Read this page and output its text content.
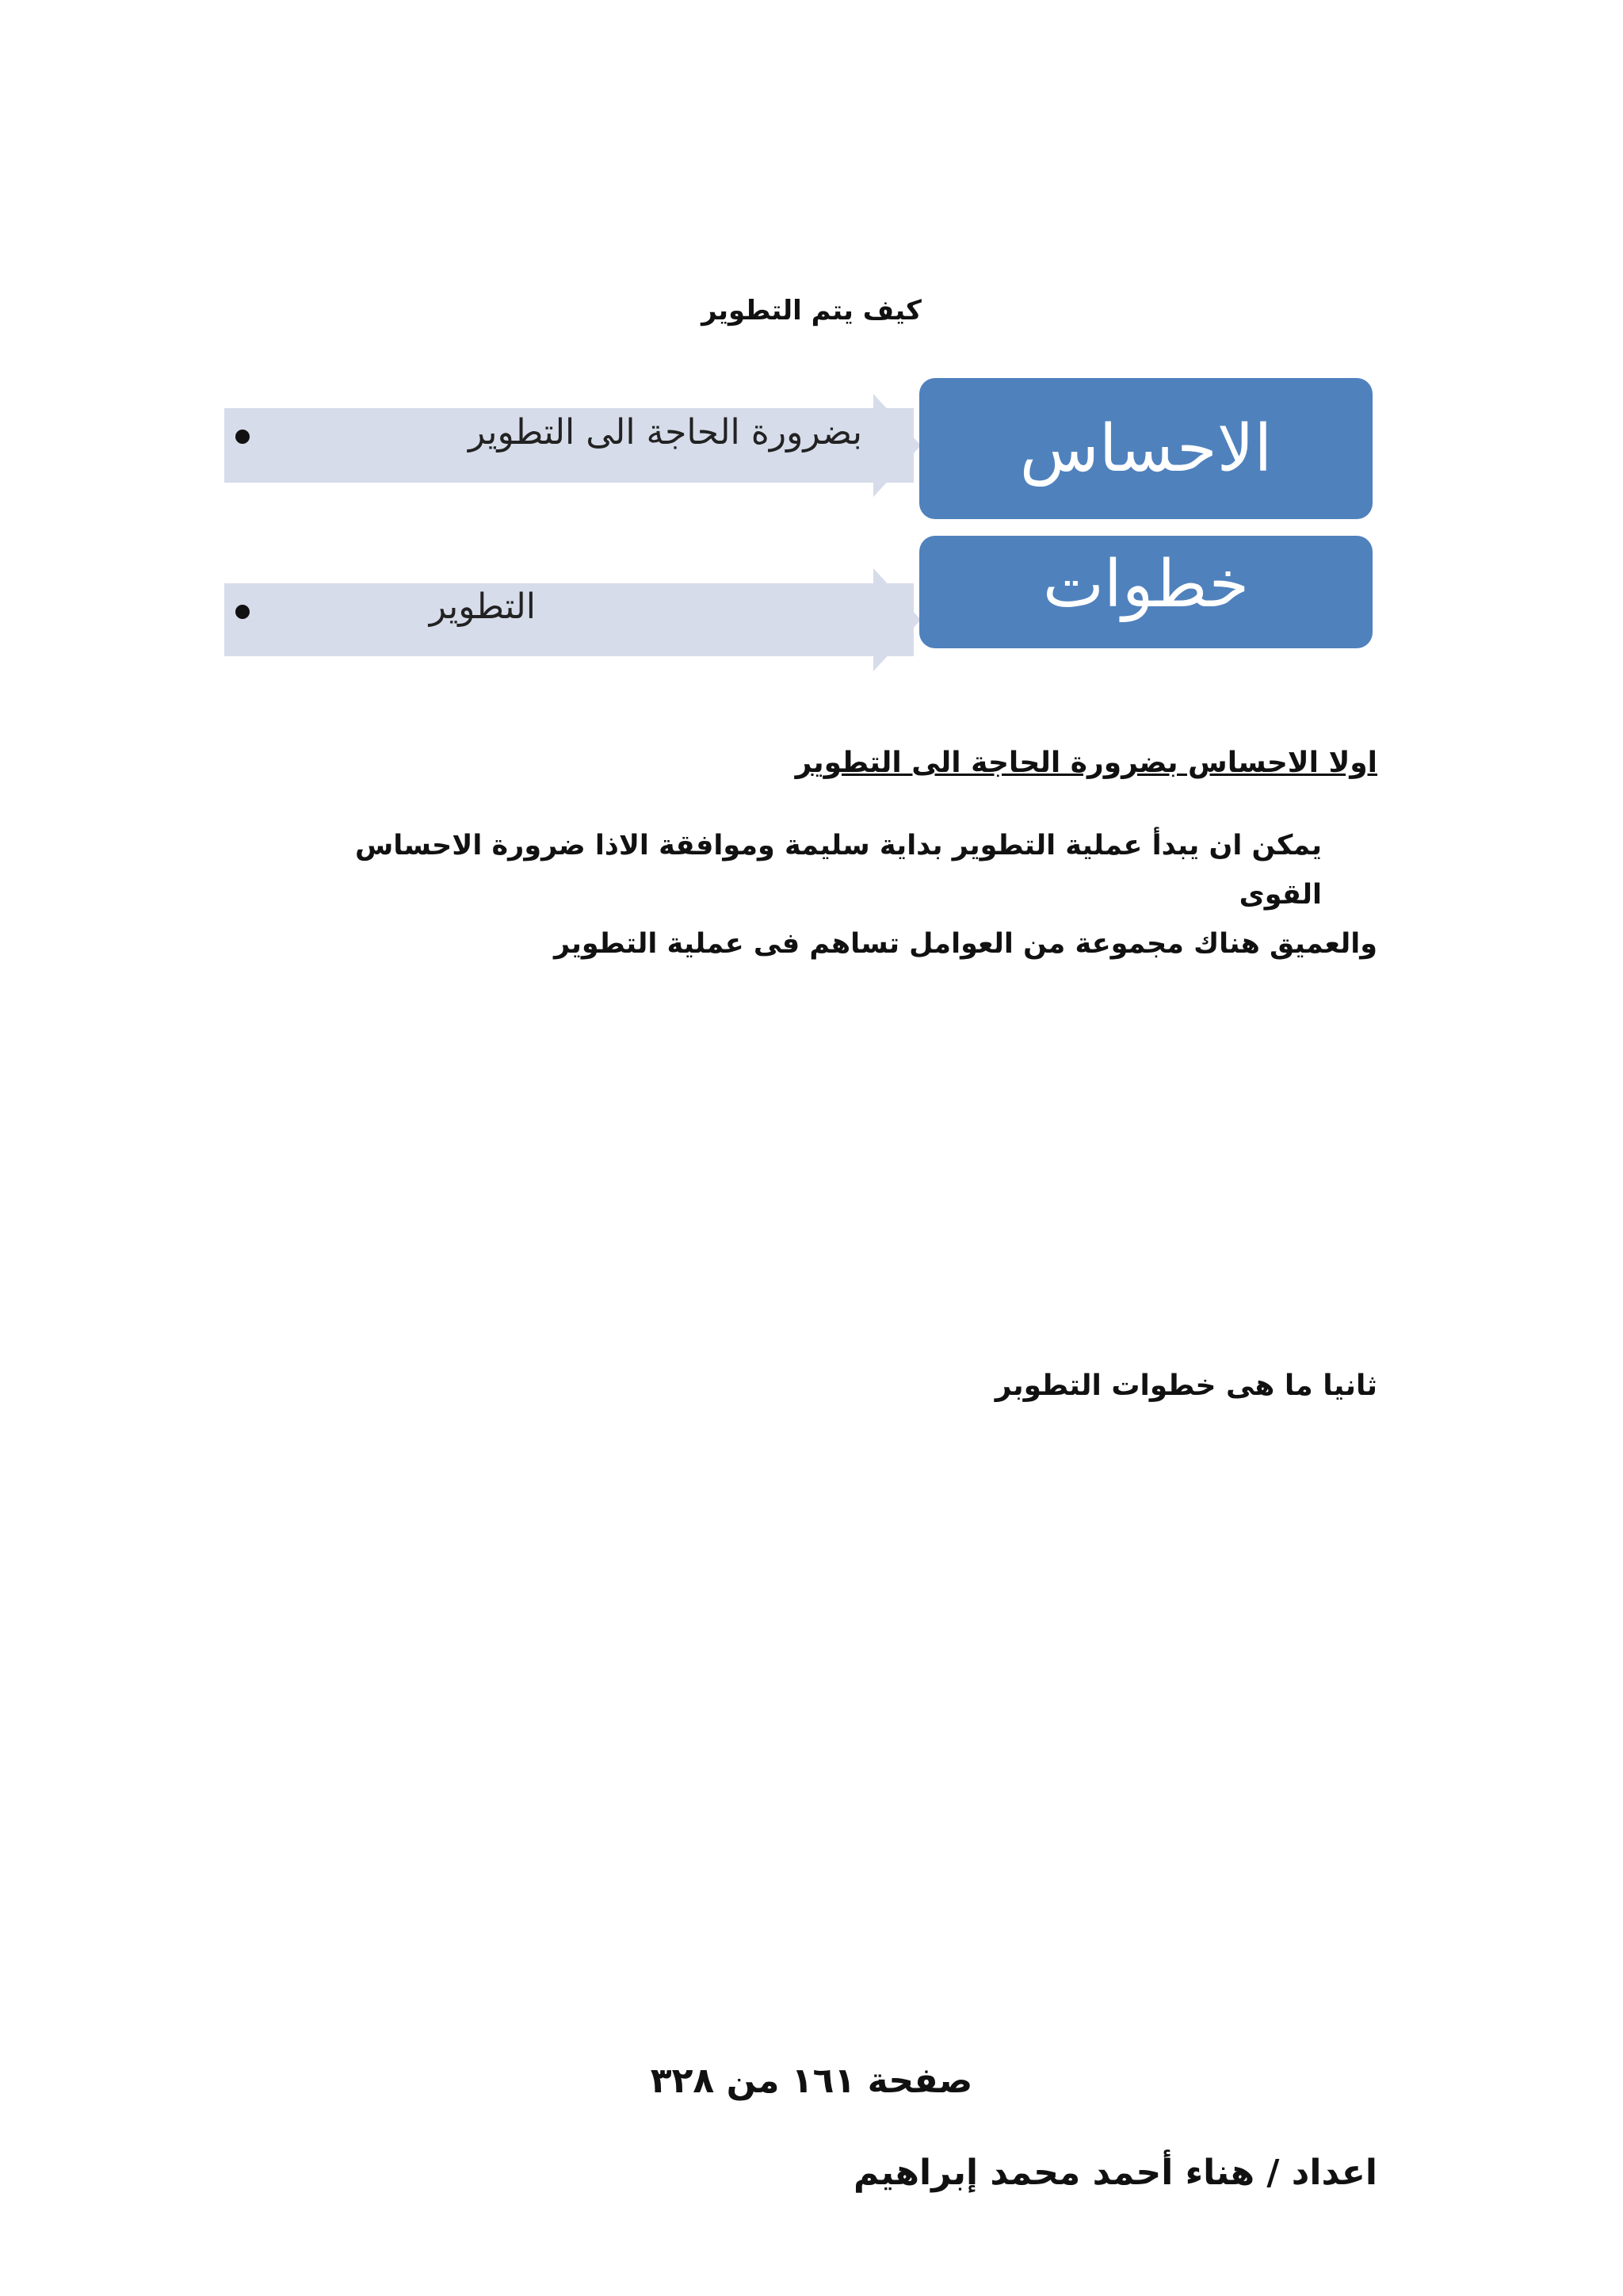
كيف يتم التطوير
بضرورة الحاجة الى التطوير	الاحساس
التطوير	خطوات
اولا الاحساس بضرورة الحاجة الى التطوير
يمكن ان يبدأ عملية التطوير بداية سليمة وموافقة الاذا ضرورة الاحساس القوى
والعميق هناك مجموعة من العوامل تساهم فى عملية التطوير
ثانيا ما هى خطوات التطوبر
صفحة ١٦١ من ٣٢٨
اعداد / هناء أحمد محمد إبراهيم
